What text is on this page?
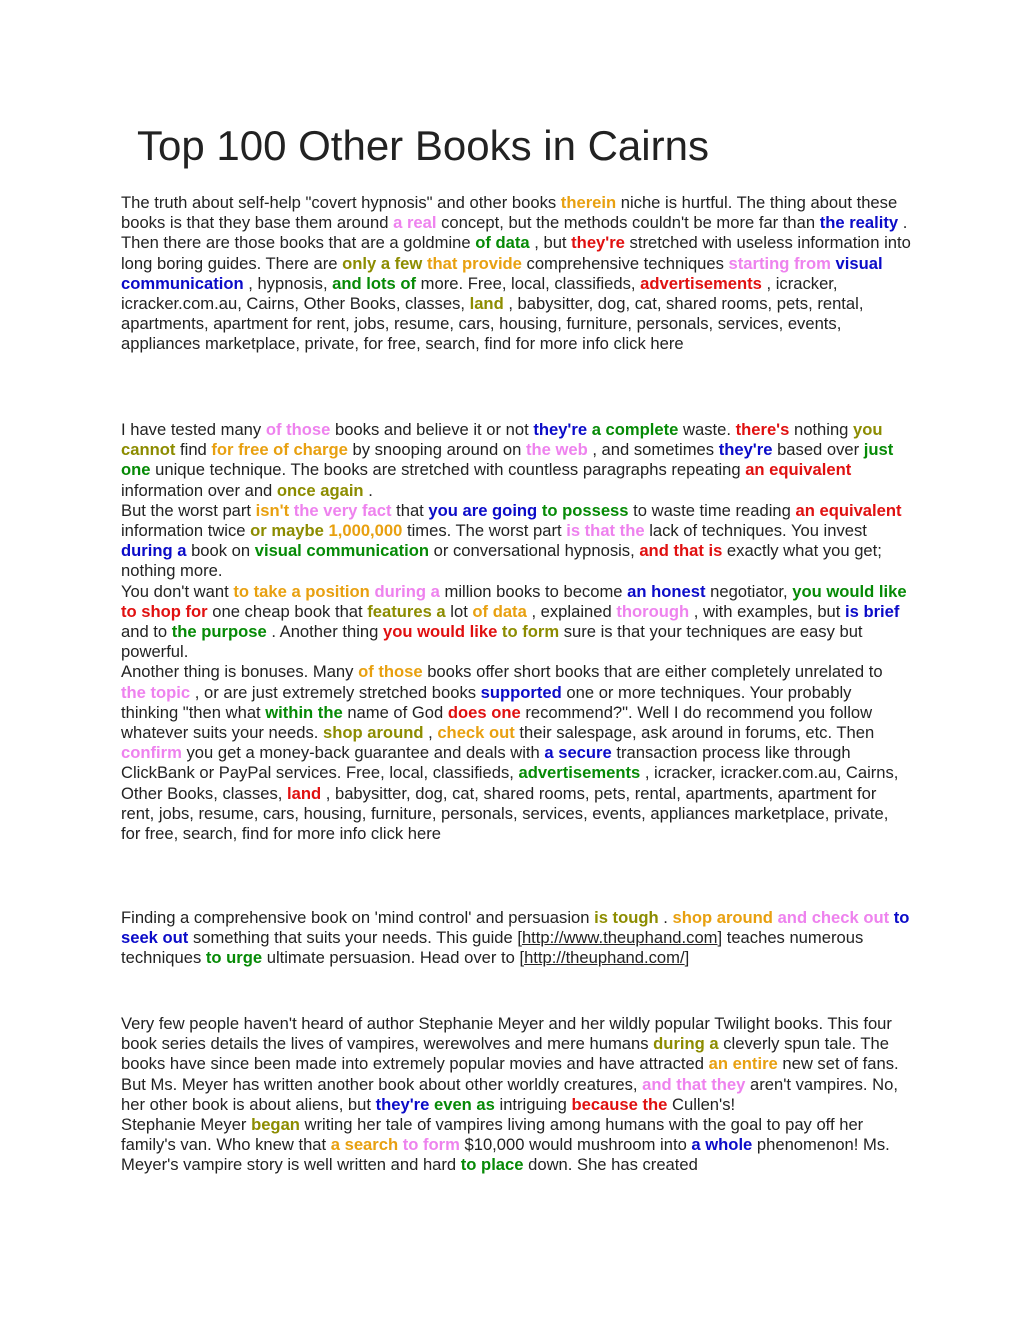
Top 100 Other Books in Cairns

The truth about self-help "covert hypnosis" and other books therein niche is hurtful. The thing about these books is that they base them around a real concept, but the methods couldn't be more far than the reality . Then there are those books that are a goldmine of data , but they're stretched with useless information into long boring guides. There are only a few that provide comprehensive techniques starting from visual communication , hypnosis, and lots of more. Free, local, classifieds, advertisements , icracker, icracker.com.au, Cairns, Other Books, classes, land , babysitter, dog, cat, shared rooms, pets, rental, apartments, apartment for rent, jobs, resume, cars, housing, furniture, personals, services, events, appliances marketplace, private, for free, search, find for more info click here

I have tested many of those books and believe it or not they're a complete waste. there's nothing you cannot find for free of charge by snooping around on the web , and sometimes they're based over just one unique technique. The books are stretched with countless paragraphs repeating an equivalent information over and once again .
But the worst part isn't the very fact that you are going to possess to waste time reading an equivalent information twice or maybe 1,000,000 times. The worst part is that the lack of techniques. You invest during a book on visual communication or conversational hypnosis, and that is exactly what you get; nothing more.
You don't want to take a position during a million books to become an honest negotiator, you would like to shop for one cheap book that features a lot of data , explained thorough , with examples, but is brief and to the purpose . Another thing you would like to form sure is that your techniques are easy but powerful.
Another thing is bonuses. Many of those books offer short books that are either completely unrelated to the topic , or are just extremely stretched books supported one or more techniques. Your probably thinking "then what within the name of God does one recommend?". Well I do recommend you follow whatever suits your needs. shop around , check out their salespage, ask around in forums, etc. Then confirm you get a money-back guarantee and deals with a secure transaction process like through ClickBank or PayPal services. Free, local, classifieds, advertisements , icracker, icracker.com.au, Cairns, Other Books, classes, land , babysitter, dog, cat, shared rooms, pets, rental, apartments, apartment for rent, jobs, resume, cars, housing, furniture, personals, services, events, appliances marketplace, private, for free, search, find for more info click here

Finding a comprehensive book on 'mind control' and persuasion is tough . shop around and check out to seek out something that suits your needs. This guide [http://www.theuphand.com] teaches numerous techniques to urge ultimate persuasion. Head over to [http://theuphand.com/]

Very few people haven't heard of author Stephanie Meyer and her wildly popular Twilight books. This four book series details the lives of vampires, werewolves and mere humans during a cleverly spun tale. The books have since been made into extremely popular movies and have attracted an entire new set of fans. But Ms. Meyer has written another book about other worldly creatures, and that they aren't vampires. No, her other book is about aliens, but they're even as intriguing because the Cullen's!
Stephanie Meyer began writing her tale of vampires living among humans with the goal to pay off her family's van. Who knew that a search to form $10,000 would mushroom into a whole phenomenon! Ms. Meyer's vampire story is well written and hard to place down. She has created
